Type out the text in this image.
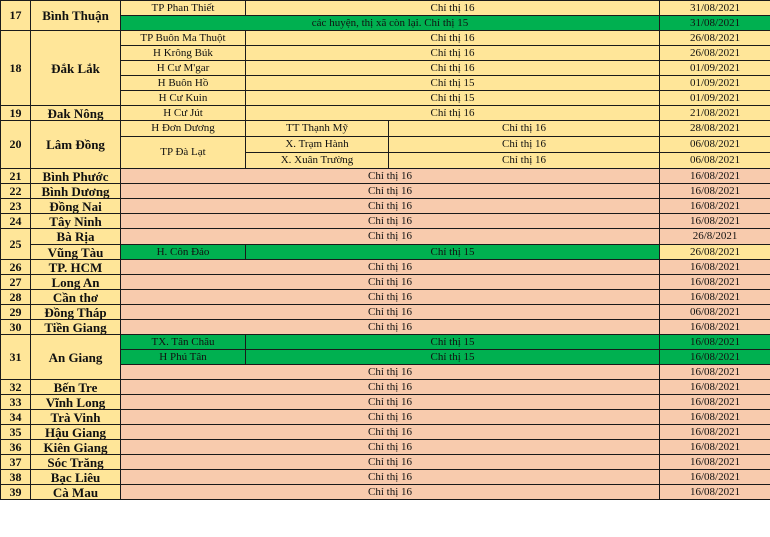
17	Bình Thuận	TP Phan Thiết	Chỉ thị 16		31/08/2021
		các huyện, thị xã còn lại. Chỉ thị 15			31/08/2021
18	Đắk Lắk	TP Buôn Ma Thuột	Chỉ thị 16		26/08/2021
		H Krông Búk	Chỉ thị 16		26/08/2021
		H Cư M'gar	Chỉ thị 16		01/09/2021
		H Buôn Hồ	Chỉ thị 15		01/09/2021
		H Cư Kuin	Chỉ thị 15		01/09/2021
19	Đak Nông	H Cư Jút	Chỉ thị 16		21/08/2021
20	Lâm Đồng	H Đơn Dương	TT Thạnh Mỹ	Chỉ thị 16	28/08/2021
		TP Đà Lạt	X. Trạm Hành	Chỉ thị 16	06/08/2021
			X. Xuân Trường	Chỉ thị 16	06/08/2021
21	Bình Phước	Chỉ thị 16			16/08/2021
22	Bình Dương	Chỉ thị 16			16/08/2021
23	Đồng Nai	Chỉ thị 16			16/08/2021
24	Tây Ninh	Chỉ thị 16			16/08/2021
25	Bà Rịa	Chỉ thị 16			26/8/2021
	Vũng Tàu	H. Côn Đảo	Chỉ thị 15		26/08/2021
26	TP. HCM	Chỉ thị 16			16/08/2021
27	Long An	Chỉ thị 16			16/08/2021
28	Cần thơ	Chỉ thị 16			16/08/2021
29	Đồng Tháp	Chỉ thị 16			06/08/2021
30	Tiền Giang	Chỉ thị 16			16/08/2021
31	An Giang	TX. Tân Châu	Chỉ thị 15		16/08/2021
		H Phú Tân	Chỉ thị 15		16/08/2021
		Chỉ thị 16			16/08/2021
32	Bến Tre	Chỉ thị 16			16/08/2021
33	Vĩnh Long	Chỉ thị 16			16/08/2021
34	Trà Vinh	Chỉ thị 16			16/08/2021
35	Hậu Giang	Chỉ thị 16			16/08/2021
36	Kiên Giang	Chỉ thị 16			16/08/2021
37	Sóc Trăng	Chỉ thị 16			16/08/2021
38	Bạc Liêu	Chỉ thị 16			16/08/2021
39	Cà Mau	Chỉ thị 16			16/08/2021
